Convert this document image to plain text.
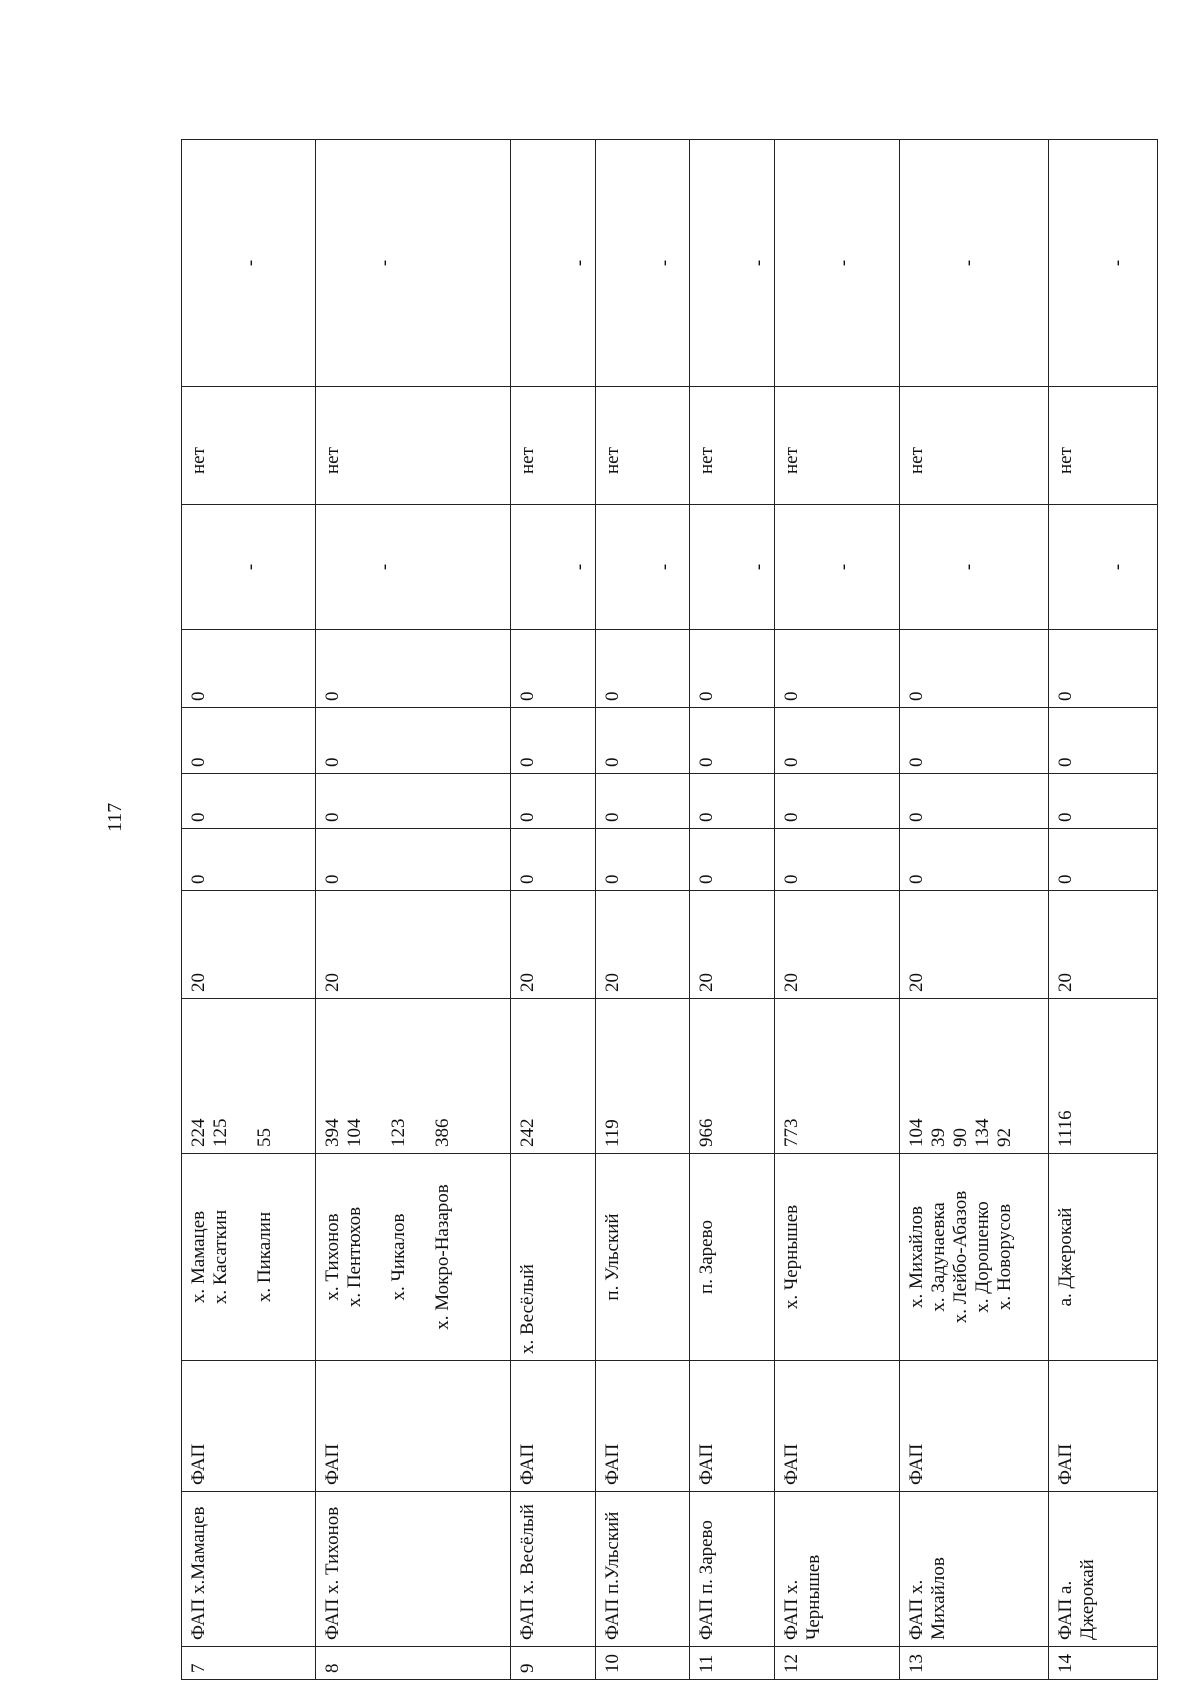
117
7	ФАП х.Мамацев	ФАП	х. Мамацев х. Касаткин х. Пикалин	224 125 55	20	0	0	0	0	-	нет	-
8	ФАП х. Тихонов	ФАП	х. Тихонов х. Пентюхов х. Чикалов х. Мокро-Назаров	394 104 123 386	20	0	0	0	0	-	нет	-
9	ФАП х. Весёлый	ФАП	х. Весёлый	242	20	0	0	0	0	-	нет	-
10	ФАП п.Ульский	ФАП	п. Ульский	119	20	0	0	0	0	-	нет	-
11	ФАП п. Зарево	ФАП	п. Зарево	966	20	0	0	0	0	-	нет	-
12	ФАП х. Чернышев	ФАП	х. Чернышев	773	20	0	0	0	0	-	нет	-
13	ФАП х. Михайлов	ФАП	х. Михайлов х. Задунаевка х. Лейбо-Абазов х. Дорошенко х. Новорусов	104 39 90 134 92	20	0	0	0	0	-	нет	-
14	ФАП а. Джерокай	ФАП	а. Джерокай	1116	20	0	0	0	0	-	нет	-
